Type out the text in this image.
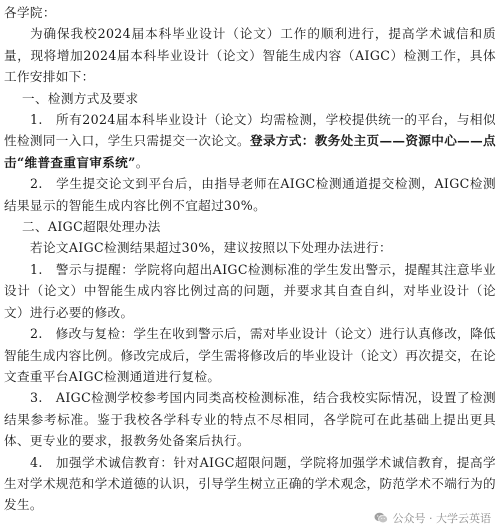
各学院：

为确保我校2024届本科毕业设计（论文）工作的顺利进行，提高学术诚信和质量，现将增加2024届本科毕业设计（论文）智能生成内容（AIGC）检测工作，具体工作安排如下：

一、检测方式及要求

1.　所有2024届本科毕业设计（论文）均需检测，学校提供统一的平台，与相似性检测同一入口，学生只需提交一次论文。登录方式：教务处主页——资源中心——点击“维普查重盲审系统”。

2.　学生提交论文到平台后，由指导老师在AIGC检测通道提交检测，AIGC检测结果显示的智能生成内容比例不宜超过30%。

二、AIGC超限处理办法

若论文AIGC检测结果超过30%，建议按照以下处理办法进行：

1.　警示与提醒：学院将向超出AIGC检测标准的学生发出警示，提醒其注意毕业设计（论文）中智能生成内容比例过高的问题，并要求其自查自纠，对毕业设计（论文）进行必要的修改。

2.　修改与复检：学生在收到警示后，需对毕业设计（论文）进行认真修改，降低智能生成内容比例。修改完成后，学生需将修改后的毕业设计（论文）再次提交，在论文查重平台AIGC检测通道进行复检。

3.　AIGC检测学校参考国内同类高校检测标准，结合我校实际情况，设置了检测结果参考标准。鉴于我校各学科专业的特点不尽相同，各学院可在此基础上提出更具体、更专业的要求，报教务处备案后执行。

4.　加强学术诚信教育：针对AIGC超限问题，学院将加强学术诚信教育，提高学生对学术规范和学术道德的认识，引导学生树立正确的学术观念，防范学术不端行为的发生。

公众号 · 大学云英语
